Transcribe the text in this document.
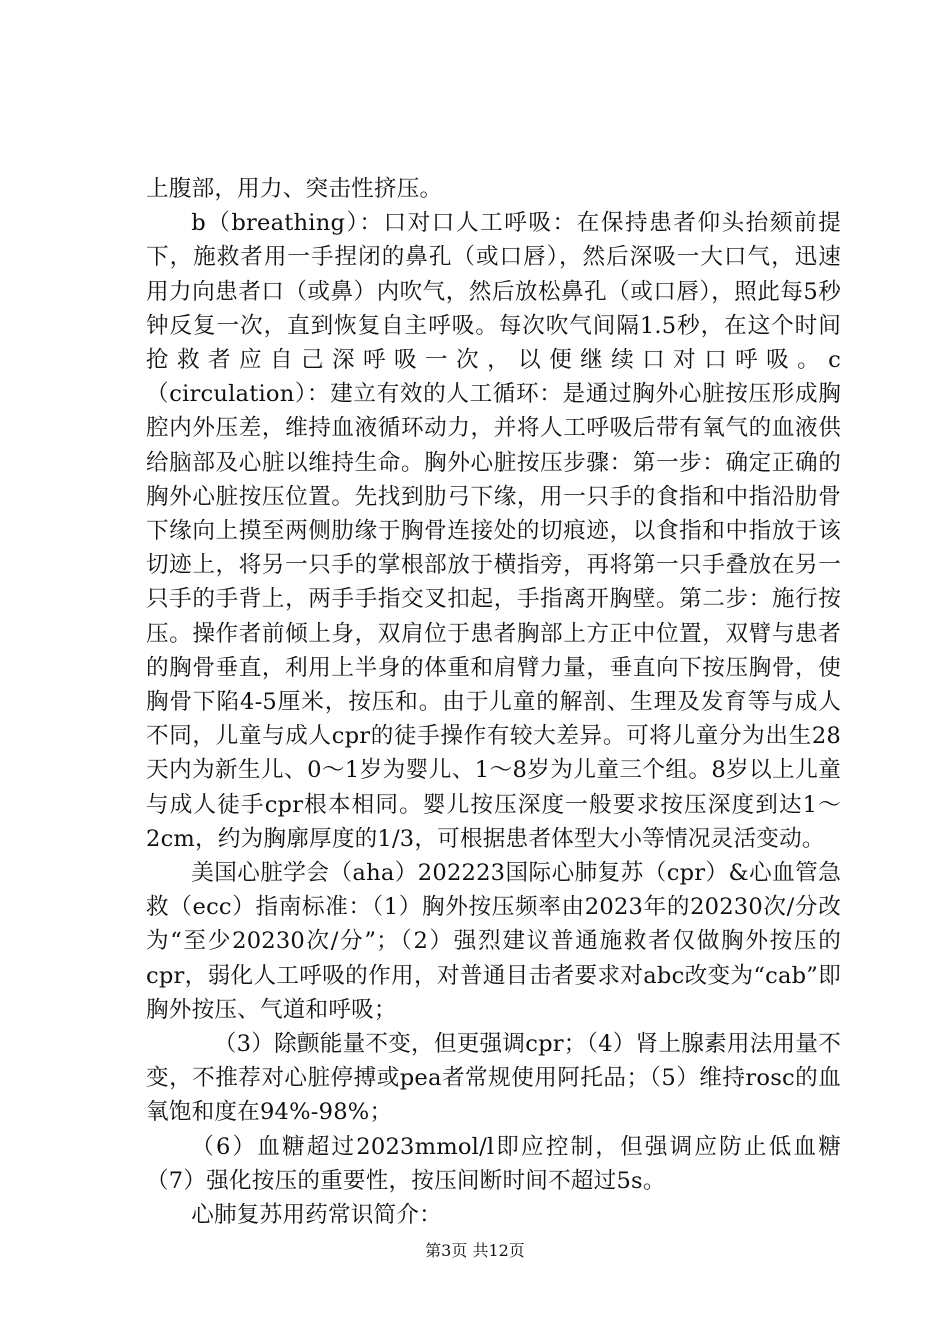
上腹部，用力、突击性挤压。

b（breathing）：口对口人工呼吸：在保持患者仰头抬颏前提下，施救者用一手捏闭的鼻孔（或口唇），然后深吸一大口气，迅速用力向患者口（或鼻）内吹气，然后放松鼻孔（或口唇），照此每5秒钟反复一次，直到恢复自主呼吸。每次吹气间隔1.5秒，在这个时间抢救者应自己深呼吸一次，以便继续口对口呼吸。c（circulation）：建立有效的人工循环：是通过胸外心脏按压形成胸腔内外压差，维持血液循环动力，并将人工呼吸后带有氧气的血液供给脑部及心脏以维持生命。胸外心脏按压步骤：第一步：确定正确的胸外心脏按压位置。先找到肋弓下缘，用一只手的食指和中指沿肋骨下缘向上摸至两侧肋缘于胸骨连接处的切痕迹，以食指和中指放于该切迹上，将另一只手的掌根部放于横指旁，再将第一只手叠放在另一只手的手背上，两手手指交叉扣起，手指离开胸壁。第二步：施行按压。操作者前倾上身，双肩位于患者胸部上方正中位置，双臂与患者的胸骨垂直，利用上半身的体重和肩臂力量，垂直向下按压胸骨，使胸骨下陷4-5厘米，按压和。由于儿童的解剖、生理及发育等与成人不同，儿童与成人cpr的徒手操作有较大差异。可将儿童分为出生28天内为新生儿、0～1岁为婴儿、1～8岁为儿童三个组。8岁以上儿童与成人徒手cpr根本相同。婴儿按压深度一般要求按压深度到达1～2cm，约为胸廓厚度的1/3，可根据患者体型大小等情况灵活变动。

美国心脏学会（aha）202223国际心肺复苏（cpr）&心血管急救（ecc）指南标准：（1）胸外按压频率由2023年的20230次/分改为“至少20230次/分”；（2）强烈建议普通施救者仅做胸外按压的cpr，弱化人工呼吸的作用，对普通目击者要求对abc改变为“cab”即胸外按压、气道和呼吸；

（3）除颤能量不变，但更强调cpr；（4）肾上腺素用法用量不变，不推荐对心脏停搏或pea者常规使用阿托品；（5）维持rosc的血氧饱和度在94%-98%；

（6）血糖超过2023mmol/l即应控制，但强调应防止低血糖（7）强化按压的重要性，按压间断时间不超过5s。

心肺复苏用药常识简介：

第3页 共12页
